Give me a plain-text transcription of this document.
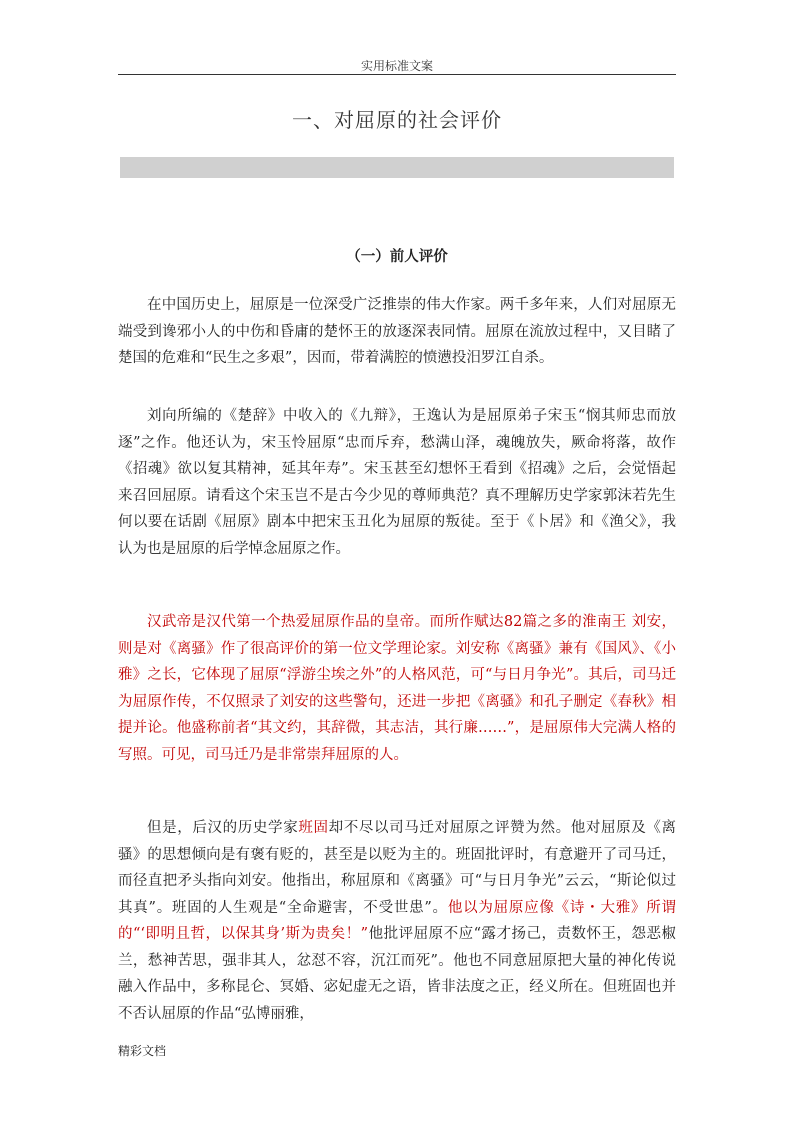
实用标准文案
一、对屈原的社会评价
（一）前人评价

在中国历史上，屈原是一位深受广泛推崇的伟大作家。两千多年来，人们对屈原无端受到谗邪小人的中伤和昏庸的楚怀王的放逐深表同情。屈原在流放过程中，又目睹了楚国的危难和“民生之多艰”，因而，带着满腔的愤懑投汨罗江自杀。

刘向所编的《楚辞》中收入的《九辩》，王逸认为是屈原弟子宋玉“悯其师忠而放逐”之作。他还认为，宋玉怜屈原“忠而斥弃，愁满山泽，魂魄放失，厥命将落，故作《招魂》欲以复其精神，延其年寿”。宋玉甚至幻想怀王看到《招魂》之后，会觉悟起来召回屈原。请看这个宋玉岂不是古今少见的尊师典范？真不理解历史学家郭沫若先生何以要在话剧《屈原》剧本中把宋玉丑化为屈原的叛徒。至于《卜居》和《渔父》，我认为也是屈原的后学悼念屈原之作。

汉武帝是汉代第一个热爱屈原作品的皇帝。而所作赋达82篇之多的淮南王 刘安，则是对《离骚》作了很高评价的第一位文学理论家。刘安称《离骚》兼有《国风》、《小雅》之长，它体现了屈原“浮游尘埃之外”的人格风范，可“与日月争光”。其后，司马迁为屈原作传，不仅照录了刘安的这些警句，还进一步把《离骚》和孔子删定《春秋》相提并论。他盛称前者“其文约，其辞微，其志洁，其行廉……”，是屈原伟大完满人格的写照。可见，司马迁乃是非常崇拜屈原的人。

但是，后汉的历史学家班固却不尽以司马迁对屈原之评赞为然。他对屈原及《离骚》的思想倾向是有褒有贬的，甚至是以贬为主的。班固批评时，有意避开了司马迁，而径直把矛头指向刘安。他指出，称屈原和《离骚》可“与日月争光”云云，“斯论似过其真”。班固的人生观是“全命避害，不受世患”。他以为屈原应像《诗・大雅》所谓的“‘即明且哲，以保其身’斯为贵矣！”他批评屈原不应“露才扬己，责数怀王，怨恶椒兰，愁神苦思，强非其人，忿怼不容，沉江而死”。他也不同意屈原把大量的神化传说融入作品中，多称昆仑、冥婚、宓妃虚无之语，皆非法度之正，经义所在。但班固也并不否认屈原的作品“弘博丽雅，

精彩文档
